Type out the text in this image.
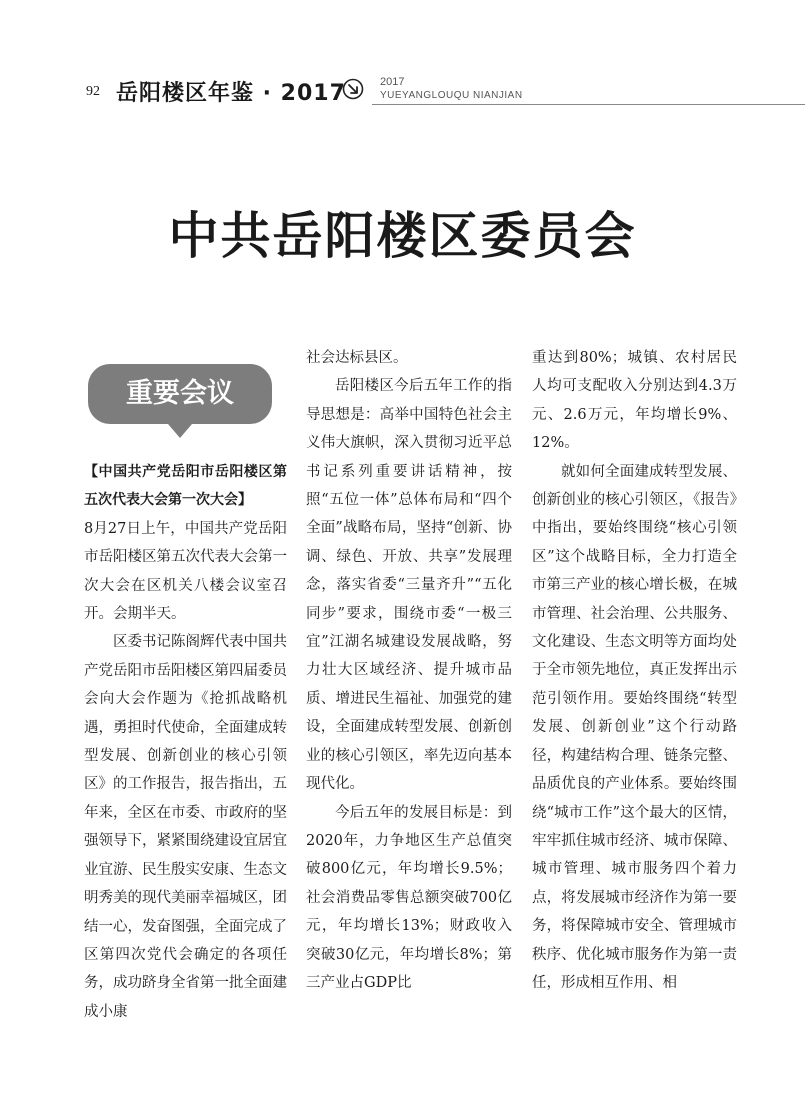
92 岳阳楼区年鉴 · 2017	2017
YUEYANGLOUQU NIANJIAN
中共岳阳楼区委员会
重要会议

【中国共产党岳阳市岳阳楼区第五次代表大会第一次大会】

8月27日上午，中国共产党岳阳市岳阳楼区第五次代表大会第一次大会在区机关八楼会议室召开。会期半天。

区委书记陈阁辉代表中国共产党岳阳市岳阳楼区第四届委员会向大会作题为《抢抓战略机遇，勇担时代使命，全面建成转型发展、创新创业的核心引领区》的工作报告，报告指出，五年来，全区在市委、市政府的坚强领导下，紧紧围绕建设宜居宜业宜游、民生殷实安康、生态文明秀美的现代美丽幸福城区，团结一心，发奋图强，全面完成了区第四次党代会确定的各项任务，成功跻身全省第一批全面建成小康

社会达标县区。

岳阳楼区今后五年工作的指导思想是：高举中国特色社会主义伟大旗帜，深入贯彻习近平总书记系列重要讲话精神，按照“五位一体”总体布局和“四个全面”战略布局，坚持“创新、协调、绿色、开放、共享”发展理念，落实省委“三量齐升”“五化同步”要求，围绕市委“一极三宜”江湖名城建设发展战略，努力壮大区域经济、提升城市品质、增进民生福祉、加强党的建设，全面建成转型发展、创新创业的核心引领区，率先迈向基本现代化。

今后五年的发展目标是：到2020年，力争地区生产总值突破800亿元，年均增长9.5%；社会消费品零售总额突破700亿元，年均增长13%；财政收入突破30亿元，年均增长8%；第三产业占GDP比

重达到80%；城镇、农村居民人均可支配收入分别达到4.3万元、2.6万元，年均增长9%、12%。

就如何全面建成转型发展、创新创业的核心引领区，《报告》中指出，要始终围绕“核心引领区”这个战略目标，全力打造全市第三产业的核心增长极，在城市管理、社会治理、公共服务、文化建设、生态文明等方面均处于全市领先地位，真正发挥出示范引领作用。要始终围绕“转型发展、创新创业”这个行动路径，构建结构合理、链条完整、品质优良的产业体系。要始终围绕“城市工作”这个最大的区情，牢牢抓住城市经济、城市保障、城市管理、城市服务四个着力点，将发展城市经济作为第一要务，将保障城市安全、管理城市秩序、优化城市服务作为第一责任，形成相互作用、相
